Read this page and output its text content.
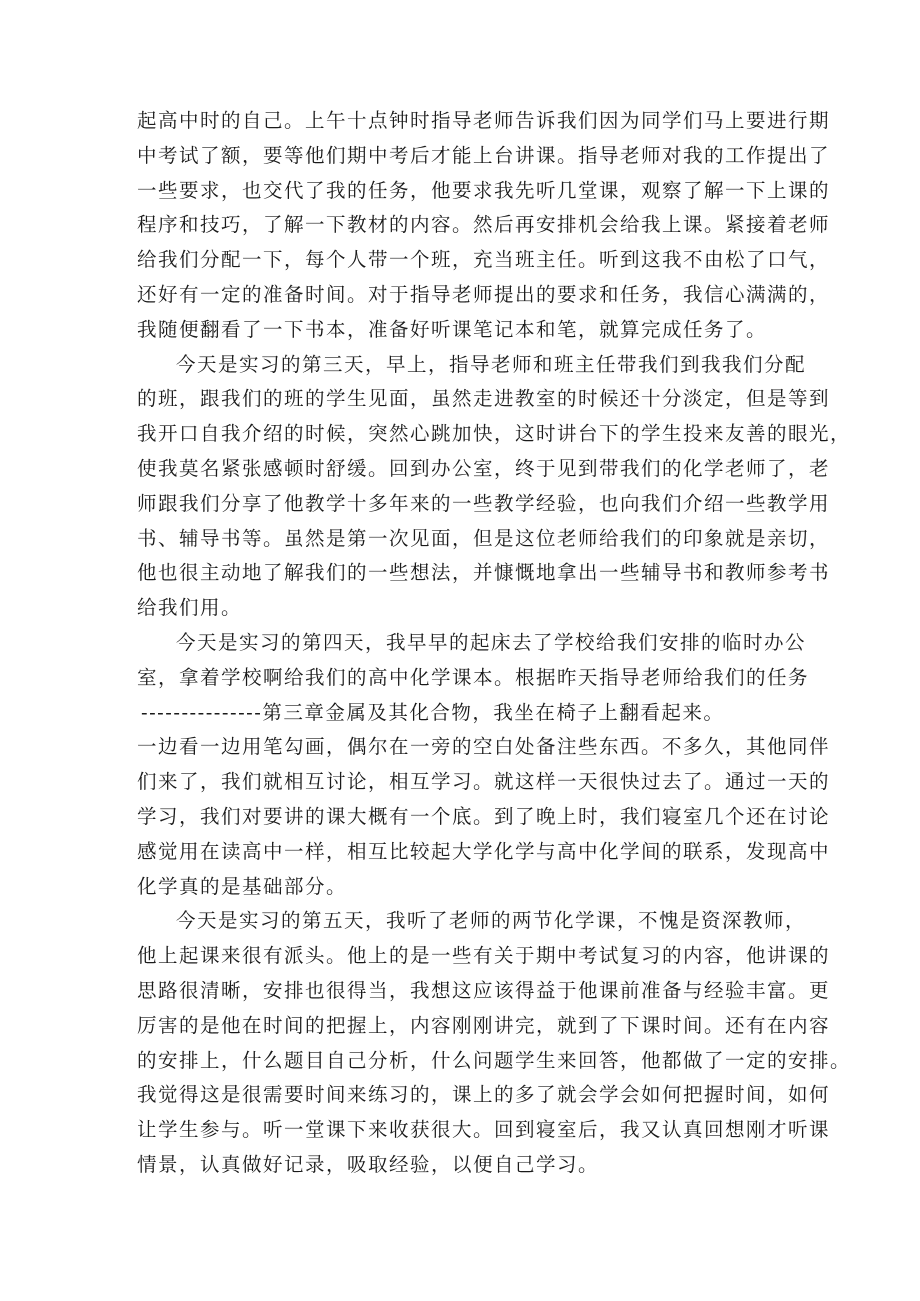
起高中时的自己。上午十点钟时指导老师告诉我们因为同学们马上要进行期
中考试了额，要等他们期中考后才能上台讲课。指导老师对我的工作提出了
一些要求，也交代了我的任务，他要求我先听几堂课，观察了解一下上课的
程序和技巧，了解一下教材的内容。然后再安排机会给我上课。紧接着老师
给我们分配一下，每个人带一个班，充当班主任。听到这我不由松了口气，
还好有一定的准备时间。对于指导老师提出的要求和任务，我信心满满的，
我随便翻看了一下书本，准备好听课笔记本和笔，就算完成任务了。
今天是实习的第三天，早上，指导老师和班主任带我们到我我们分配
的班，跟我们的班的学生见面，虽然走进教室的时候还十分淡定，但是等到
我开口自我介绍的时候，突然心跳加快，这时讲台下的学生投来友善的眼光，
使我莫名紧张感顿时舒缓。回到办公室，终于见到带我们的化学老师了，老
师跟我们分享了他教学十多年来的一些教学经验，也向我们介绍一些教学用
书、辅导书等。虽然是第一次见面，但是这位老师给我们的印象就是亲切，
他也很主动地了解我们的一些想法，并慷慨地拿出一些辅导书和教师参考书
给我们用。
今天是实习的第四天，我早早的起床去了学校给我们安排的临时办公
室，拿着学校啊给我们的高中化学课本。根据昨天指导老师给我们的任务
---------------第三章金属及其化合物，我坐在椅子上翻看起来。
一边看一边用笔勾画，偶尔在一旁的空白处备注些东西。不多久，其他同伴
们来了，我们就相互讨论，相互学习。就这样一天很快过去了。通过一天的
学习，我们对要讲的课大概有一个底。到了晚上时，我们寝室几个还在讨论
感觉用在读高中一样，相互比较起大学化学与高中化学间的联系，发现高中
化学真的是基础部分。
今天是实习的第五天，我听了老师的两节化学课，不愧是资深教师，
他上起课来很有派头。他上的是一些有关于期中考试复习的内容，他讲课的
思路很清晰，安排也很得当，我想这应该得益于他课前准备与经验丰富。更
厉害的是他在时间的把握上，内容刚刚讲完，就到了下课时间。还有在内容
的安排上，什么题目自己分析，什么问题学生来回答，他都做了一定的安排。
我觉得这是很需要时间来练习的，课上的多了就会学会如何把握时间，如何
让学生参与。听一堂课下来收获很大。回到寝室后，我又认真回想刚才听课
情景，认真做好记录，吸取经验，以便自己学习。
